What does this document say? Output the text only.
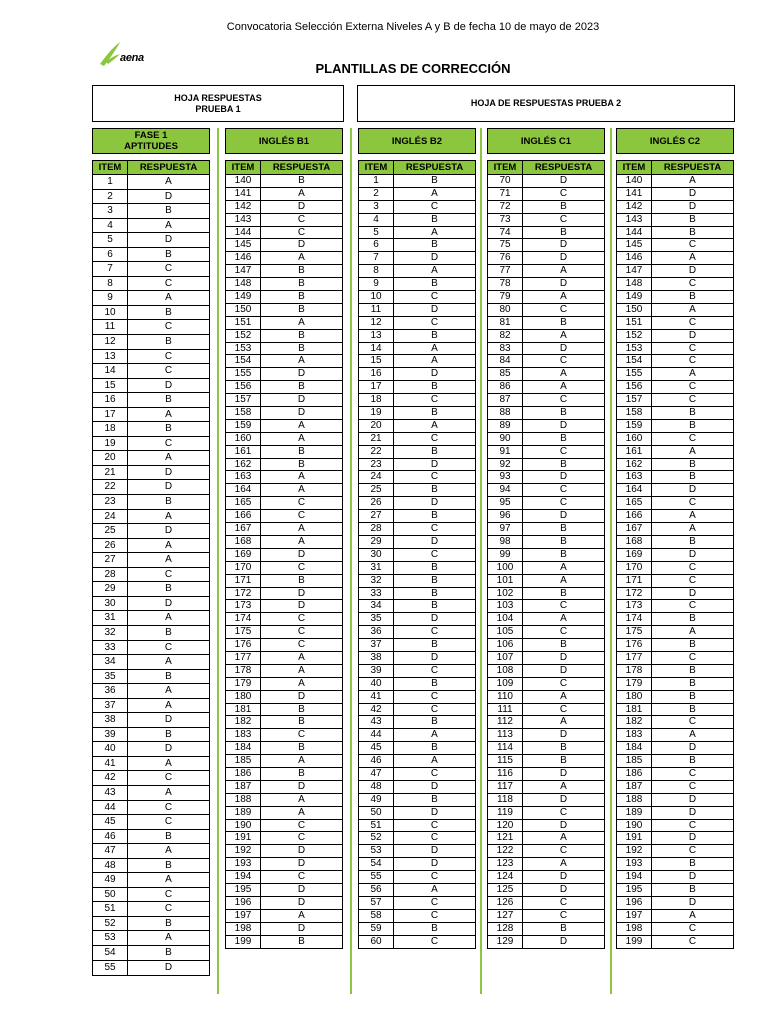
Convocatoria Selección Externa Niveles A y B de fecha 10 de mayo de 2023
aena
PLANTILLAS DE CORRECCIÓN
HOJA RESPUESTAS
PRUEBA 1
HOJA DE RESPUESTAS PRUEBA 2
FASE 1
APTITUDES
ITEM	RESPUESTA
1	A
2	D
3	B
4	A
5	D
6	B
7	C
8	C
9	A
10	B
11	C
12	B
13	C
14	C
15	D
16	B
17	A
18	B
19	C
20	A
21	D
22	D
23	B
24	A
25	D
26	A
27	A
28	C
29	B
30	D
31	A
32	B
33	C
34	A
35	B
36	A
37	A
38	D
39	B
40	D
41	A
42	C
43	A
44	C
45	C
46	B
47	A
48	B
49	A
50	C
51	C
52	B
53	A
54	B
55	D
INGLÉS B1
ITEM	RESPUESTA
140	B
141	A
142	D
143	C
144	C
145	D
146	A
147	B
148	B
149	B
150	B
151	A
152	B
153	B
154	A
155	D
156	B
157	D
158	D
159	A
160	A
161	B
162	B
163	A
164	A
165	C
166	C
167	A
168	A
169	D
170	C
171	B
172	D
173	D
174	C
175	C
176	C
177	A
178	A
179	A
180	D
181	B
182	B
183	C
184	B
185	A
186	B
187	D
188	A
189	A
190	C
191	C
192	D
193	D
194	C
195	D
196	D
197	A
198	D
199	B
INGLÉS B2
ITEM	RESPUESTA
1	B
2	A
3	C
4	B
5	A
6	B
7	D
8	A
9	B
10	C
11	D
12	C
13	B
14	A
15	A
16	D
17	B
18	C
19	B
20	A
21	C
22	B
23	D
24	C
25	B
26	D
27	B
28	C
29	D
30	C
31	B
32	B
33	B
34	B
35	D
36	C
37	B
38	D
39	C
40	B
41	C
42	C
43	B
44	A
45	B
46	A
47	C
48	D
49	B
50	D
51	C
52	C
53	D
54	D
55	C
56	A
57	C
58	C
59	B
60	C
INGLÉS C1
ITEM	RESPUESTA
70	D
71	C
72	B
73	C
74	B
75	D
76	D
77	A
78	D
79	A
80	C
81	B
82	A
83	D
84	C
85	A
86	A
87	C
88	B
89	D
90	B
91	C
92	B
93	D
94	C
95	C
96	D
97	B
98	B
99	B
100	A
101	A
102	B
103	C
104	A
105	C
106	B
107	D
108	D
109	C
110	A
111	C
112	A
113	D
114	B
115	B
116	D
117	A
118	D
119	C
120	D
121	A
122	C
123	A
124	D
125	D
126	C
127	C
128	B
129	D
INGLÉS C2
ITEM	RESPUESTA
140	A
141	D
142	D
143	B
144	B
145	C
146	A
147	D
148	C
149	B
150	A
151	C
152	D
153	C
154	C
155	A
156	C
157	C
158	B
159	B
160	C
161	A
162	B
163	B
164	D
165	C
166	A
167	A
168	B
169	D
170	C
171	C
172	D
173	C
174	B
175	A
176	B
177	C
178	B
179	B
180	B
181	B
182	C
183	A
184	D
185	B
186	C
187	C
188	D
189	D
190	C
191	D
192	C
193	B
194	D
195	B
196	D
197	A
198	C
199	C
